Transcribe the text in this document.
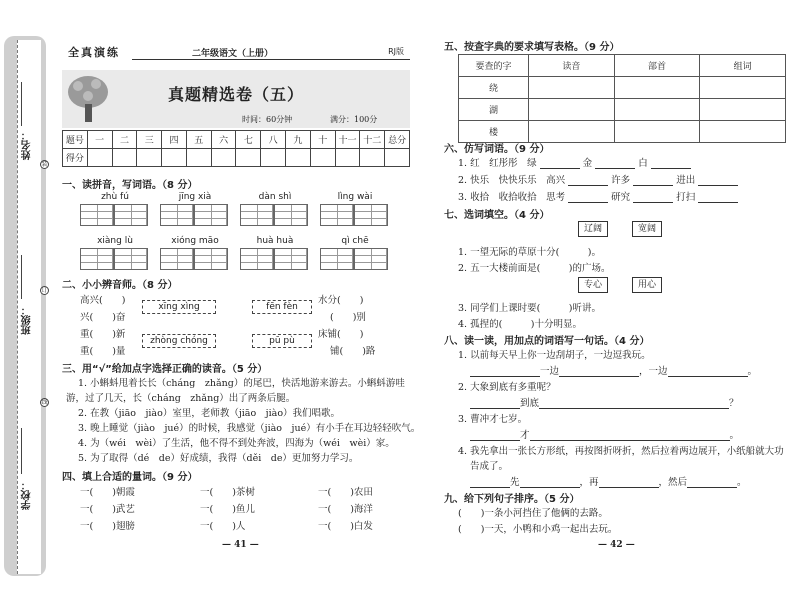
姓名：
班级：
学校：
装
订
线
全真演练	二年级语文（上册）	RJ版
真题精选卷（五）
时间：60分钟	满分：100分
题号	一	二	三	四	五	六	七	八	九	十	十一	十二	总分
得分													
一、读拼音，写词语。（8 分）
zhù fú	jīng xià	dàn shì	lìng wài
xiàng lù	xióng māo	huà huà	qì chē
二、小小辨音师。（8 分）
高兴(　　)
兴(　　)奋
重(　　)新
重(　　)量
xīng xìng	fēn fèn
zhòng chóng	pū pù
水分(　　)
(　　)别
床铺(　　)
铺(　　)路
三、用“√”给加点字选择正确的读音。（5 分）
1. 小蝌蚪甩着长长（cháng　zhǎng）的尾巴，快活地游来游去。小蝌蚪游哇
游，过了几天，长（cháng　zhǎng）出了两条后腿。
2. 在教（jiāo　jiào）室里，老师教（jiāo　jiào）我们唱歌。
3. 晚上睡觉（jiào　jué）的时候，我感觉（jiào　jué）有小手在耳边轻轻吹气。
4. 为（wéi　wèi）了生活，他不得不到处奔波，四海为（wéi　wèi）家。
5. 为了取得（dé　de）好成绩，我得（děi　de）更加努力学习。
四、填上合适的量词。（9 分）
一(　　)朝霞	一(　　)茶树	一(　　)农田
一(　　)武艺	一(　　)鱼儿	一(　　)海洋
一(　　)翅膀	一(　　)人	一(　　)白发
— 41 —
五、按查字典的要求填写表格。（9 分）
要查的字	读音	部首	组词
绕			
湖			
楼			
六、仿写词语。（9 分）
1. 红　红彤彤　绿	金	白
2. 快乐　快快乐乐　高兴	许多	进出
3. 收拾　收拾收拾　思考	研究	打扫
七、选词填空。（4 分）
辽阔	宽阔
1. 一望无际的草原十分(　　　)。
2. 五一大楼前面是(　　　)的广场。
专心	用心
3. 同学们上课时要(　　　)听讲。
4. 孤捏的(　　　)十分明显。
八、读一读，用加点的词语写一句话。（4 分）
1. 以前每天早上你一边刮胡子，一边逗我玩。
一边	，一边	。
2. 大象到底有多重呢？
到底	？
3. 曹冲才七岁。
才	。
4. 我先拿出一张长方形纸，再按图折呀折，然后拉着两边展开，小纸船就大功
告成了。
先	，再	，然后	。
九、给下列句子排序。（5 分）
(　　)一条小河挡住了他俩的去路。
(　　)一天，小鸭和小鸡一起出去玩。
— 42 —
